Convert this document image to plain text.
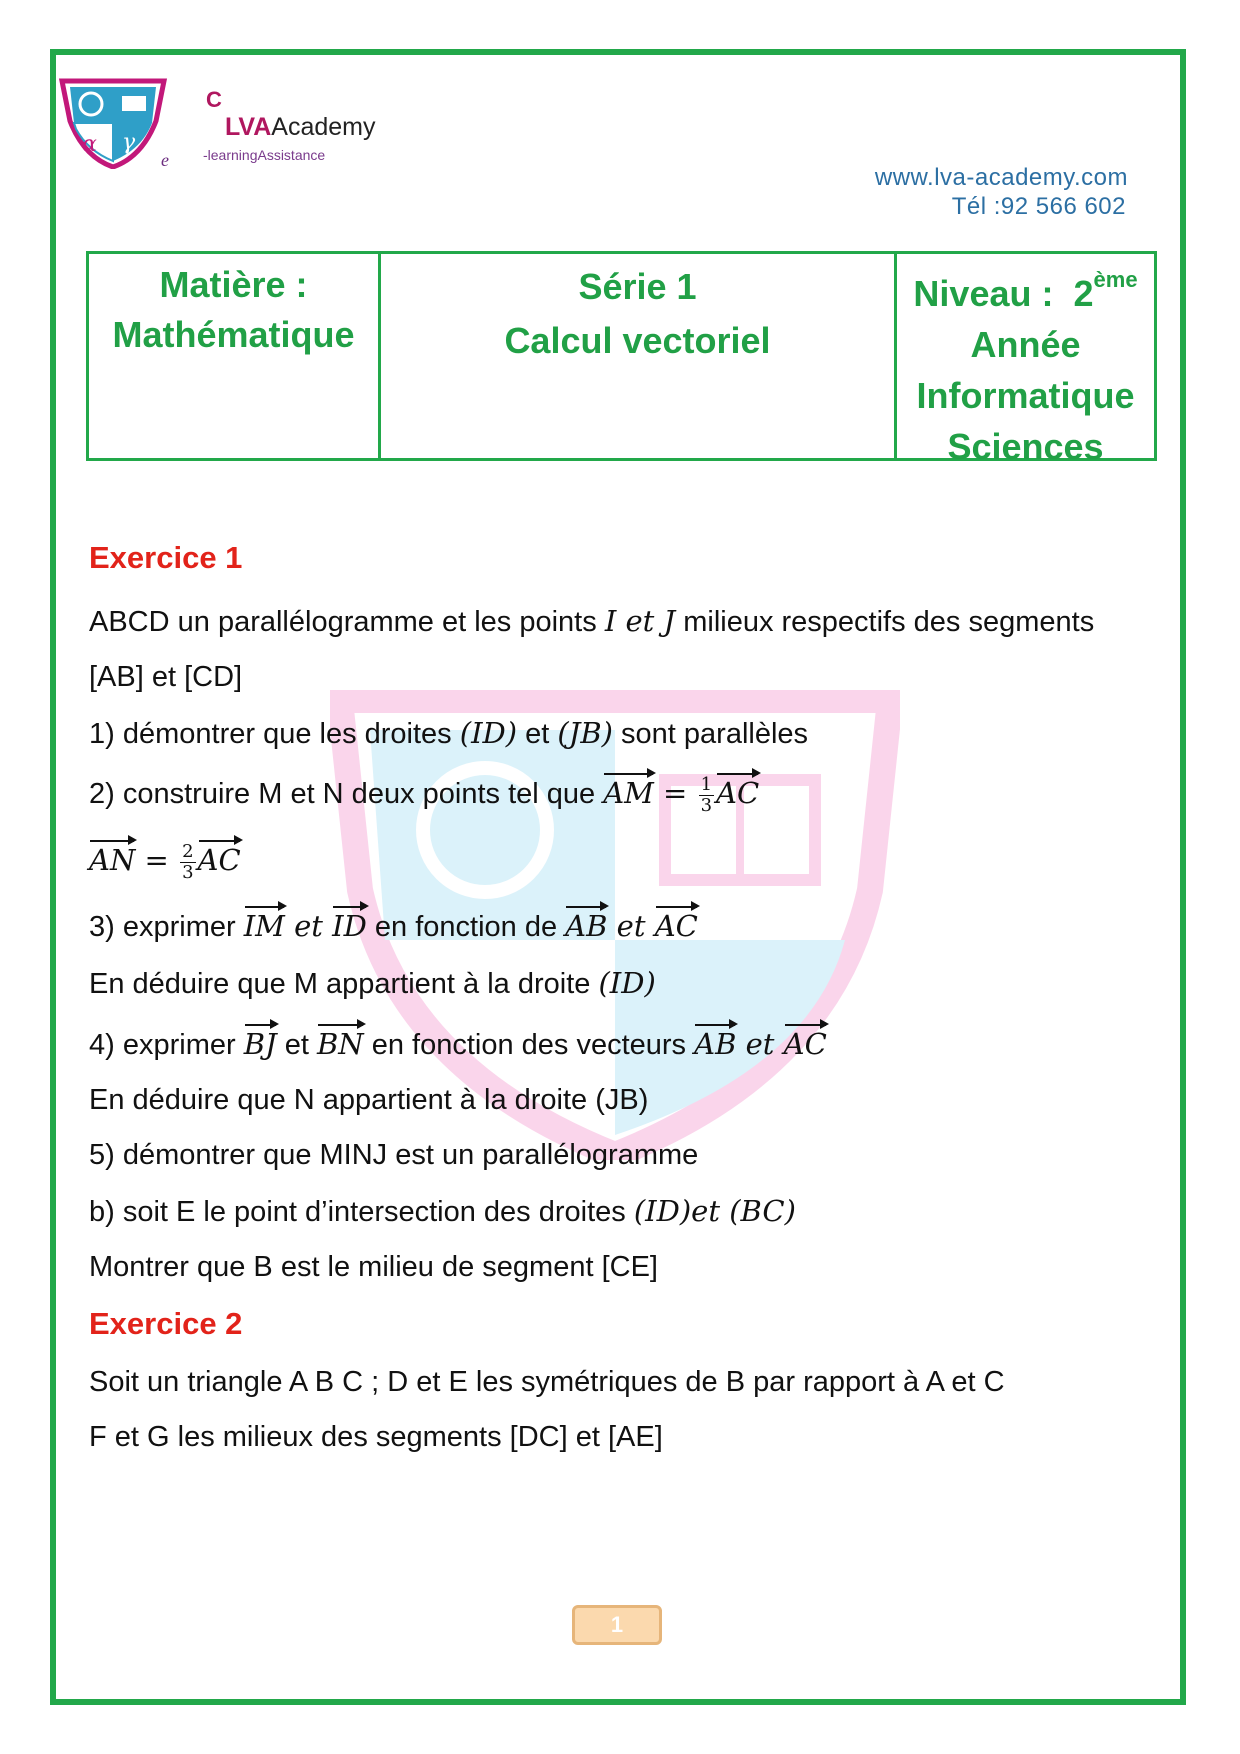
α γ
C
e
LVAAcademy
-learningAssistance
www.lva-academy.com
Tél :92 566 602
Matière :
Mathématique
Série 1
Calcul vectoriel
Niveau : 2ème
Année
Informatique
Sciences
Exercice 1
ABCD un parallélogramme et les points I et J milieux respectifs des segments
[AB] et [CD]
1) démontrer que les droites (ID) et (JB) sont parallèles
2) construire M et N deux points tel que AM = $\frac{1}{3}$ AC
AN = $\frac{2}{3}$ AC
3) exprimer IM et ID en fonction de AB et AC
En déduire que M appartient à la droite (ID)
4) exprimer BJ et BN en fonction des vecteurs AB et AC
En déduire que N appartient à la droite (JB)
5) démontrer que MINJ est un parallélogramme
b) soit E le point d’intersection des droites (ID)et (BC)
Montrer que B est le milieu de segment [CE]
Exercice 2
Soit un triangle A B C ; D et E les symétriques de B par rapport à A et C
F et G les milieux des segments [DC] et [AE]
1
